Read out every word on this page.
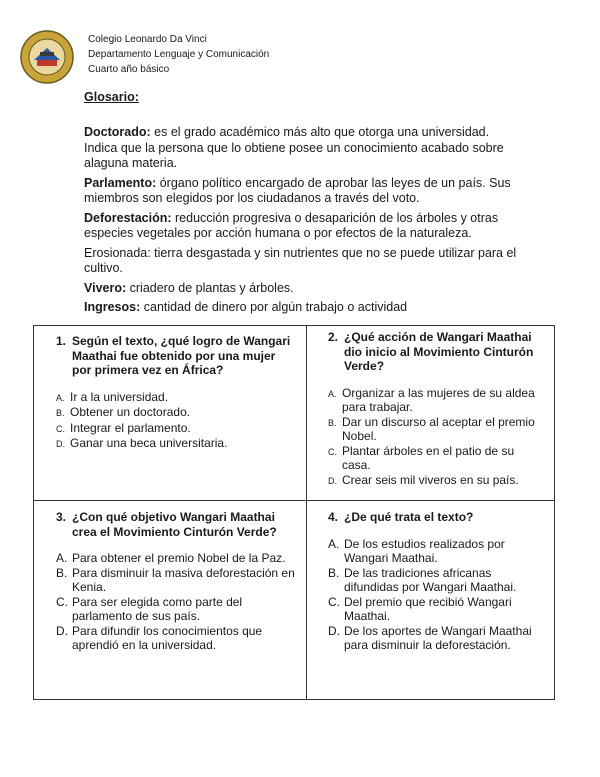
Colegio Leonardo Da Vinci
Departamento Lenguaje y Comunicación
Cuarto año básico
Glosario:

Doctorado: es el grado académico más alto que otorga una universidad. Indica que la persona que lo obtiene posee un conocimiento acabado sobre alaguna materia.

Parlamento: órgano político encargado de aprobar las leyes de un país. Sus miembros son elegidos por los ciudadanos a través del voto.

Deforestación: reducción progresiva o desaparición de los árboles y otras especies vegetales por acción humana o por efectos de la naturaleza.

Erosionada: tierra desgastada y sin nutrientes que no se puede utilizar para el cultivo.

Vivero: criadero de plantas y árboles.

Ingresos: cantidad de dinero por algún trabajo o actividad

1. Según el texto, ¿qué logro de Wangari Maathai fue obtenido por una mujer por primera vez en África?
A. Ir a la universidad.
B. Obtener un doctorado.
C. Integrar el parlamento.
D. Ganar una beca universitaria.
2. ¿Qué acción de Wangari Maathai dio inicio al Movimiento Cinturón Verde?
A. Organizar a las mujeres de su aldea para trabajar.
B. Dar un discurso al aceptar el premio Nobel.
C. Plantar árboles en el patio de su casa.
D. Crear seis mil viveros en su país.
3. ¿Con qué objetivo Wangari Maathai crea el Movimiento Cinturón Verde?
A. Para obtener el premio Nobel de la Paz.
B. Para disminuir la masiva deforestación en Kenia.
C. Para ser elegida como parte del parlamento de sus país.
D. Para difundir los conocimientos que aprendió en la universidad.
4. ¿De qué trata el texto?
A. De los estudios realizados por Wangari Maathai.
B. De las tradiciones africanas difundidas por Wangari Maathai.
C. Del premio que recibió Wangari Maathai.
D. De los aportes de Wangari Maathai para disminuir la deforestación.
